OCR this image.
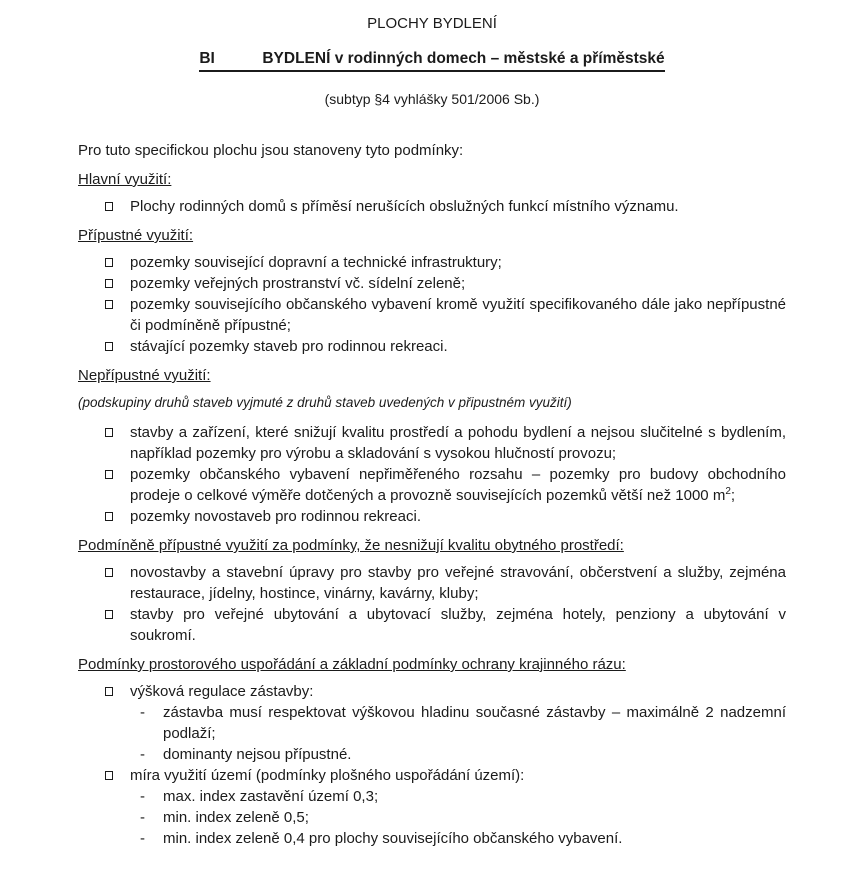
PLOCHY BYDLENÍ
BI	BYDLENÍ v rodinných domech – městské a příměstské
(subtyp §4 vyhlášky 501/2006 Sb.)

Pro tuto specifickou plochu jsou stanoveny tyto podmínky:

Hlavní využití:
Plochy rodinných domů s příměsí nerušících obslužných funkcí místního významu.
Přípustné využití:
pozemky související dopravní a technické infrastruktury;
pozemky veřejných prostranství vč. sídelní zeleně;
pozemky souvisejícího občanského vybavení kromě využití specifikovaného dále jako nepřípustné či podmíněně přípustné;
stávající pozemky staveb pro rodinnou rekreaci.
Nepřípustné využití:
(podskupiny druhů staveb vyjmuté z druhů staveb uvedených v připustném využití)
stavby a zařízení, které snižují kvalitu prostředí a pohodu bydlení a nejsou slučitelné s bydlením, například pozemky pro výrobu a skladování s vysokou hlučností provozu;
pozemky občanského vybavení nepřiměřeného rozsahu – pozemky pro budovy obchodního prodeje o celkové výměře dotčených a provozně souvisejících pozemků větší než 1000 $m^2$;
pozemky novostaveb pro rodinnou rekreaci.
Podmíněně přípustné využití za podmínky, že nesnižují kvalitu obytného prostředí:
novostavby a stavební úpravy pro stavby pro veřejné stravování, občerstvení a služby, zejména restaurace, jídelny, hostince, vinárny, kavárny, kluby;
stavby pro veřejné ubytování a ubytovací služby, zejména hotely, penziony a ubytování v soukromí.
Podmínky prostorového uspořádání a základní podmínky ochrany krajinného rázu:
výšková regulace zástavby:
- zástavba musí respektovat výškovou hladinu současné zástavby – maximálně 2 nadzemní podlaží;
- dominanty nejsou přípustné.
míra využití území (podmínky plošného uspořádání území):
- max. index zastavění území 0,3;
- min. index zeleně 0,5;
- min. index zeleně 0,4 pro plochy souvisejícího občanského vybavení.
